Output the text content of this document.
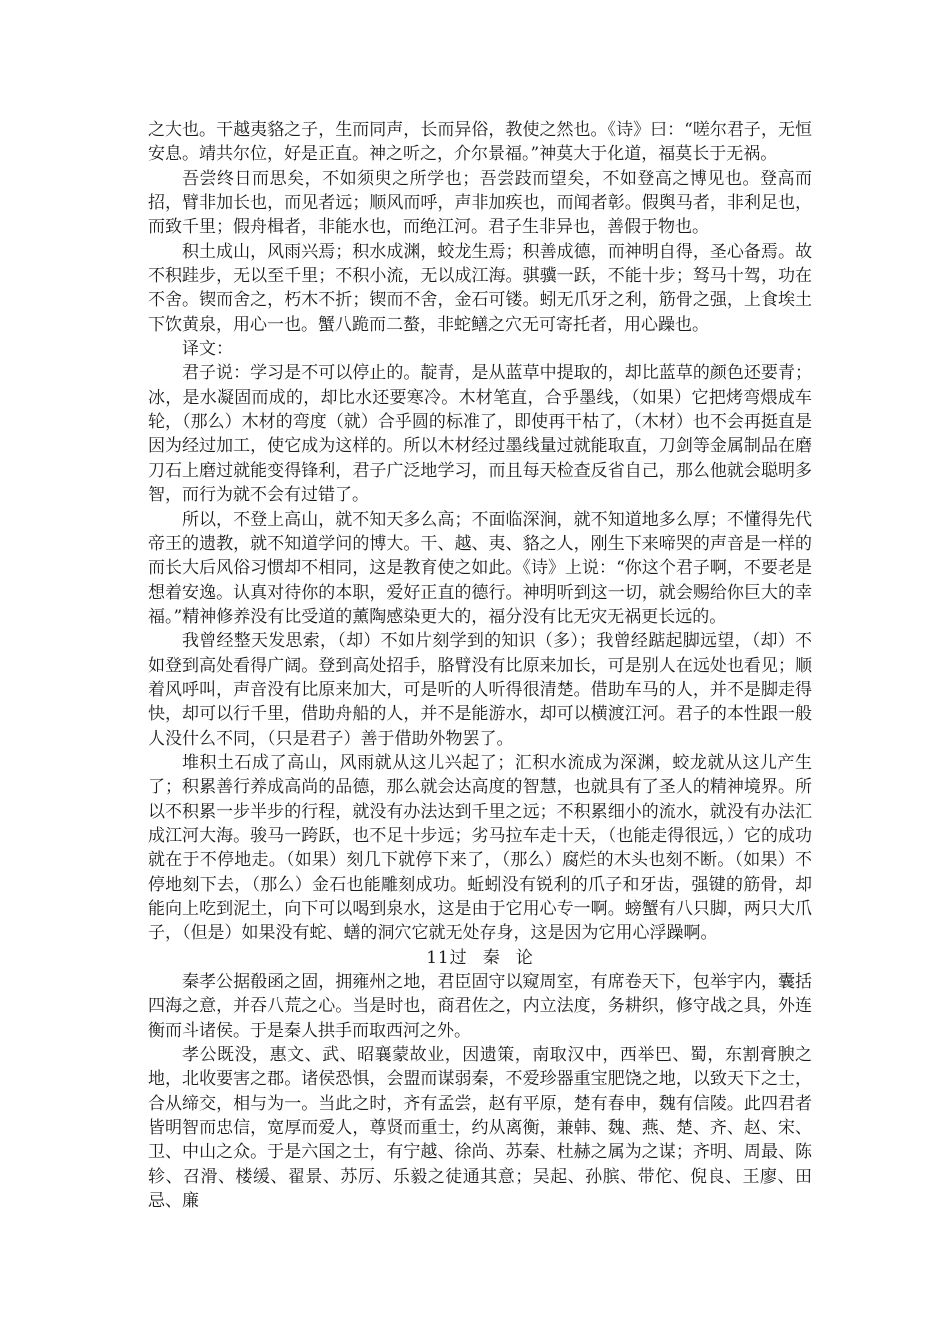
之大也。干越夷貉之子，生而同声，长而异俗，教使之然也。《诗》曰：“嗟尔君子，无恒安息。靖共尔位，好是正直。神之听之，介尔景福。”神莫大于化道，福莫长于无祸。

吾尝终日而思矣，不如须臾之所学也；吾尝跂而望矣，不如登高之博见也。登高而招，臂非加长也，而见者远；顺风而呼，声非加疾也，而闻者彰。假舆马者，非利足也，而致千里；假舟楫者，非能水也，而绝江河。君子生非异也，善假于物也。

积土成山，风雨兴焉；积水成渊，蛟龙生焉；积善成德，而神明自得，圣心备焉。故不积跬步，无以至千里；不积小流，无以成江海。骐骥一跃，不能十步；驽马十驾，功在不舍。锲而舍之，朽木不折；锲而不舍，金石可镂。蚓无爪牙之利，筋骨之强，上食埃土下饮黄泉，用心一也。蟹八跪而二螯，非蛇鳝之穴无可寄托者，用心躁也。

译文：

君子说：学习是不可以停止的。靛青，是从蓝草中提取的，却比蓝草的颜色还要青；冰，是水凝固而成的，却比水还要寒冷。木材笔直，合乎墨线，（如果）它把烤弯煨成车轮，（那么）木材的弯度（就）合乎圆的标准了，即使再干枯了，（木材）也不会再挺直是因为经过加工，使它成为这样的。所以木材经过墨线量过就能取直，刀剑等金属制品在磨刀石上磨过就能变得锋利，君子广泛地学习，而且每天检查反省自己，那么他就会聪明多智，而行为就不会有过错了。

所以，不登上高山，就不知天多么高；不面临深涧，就不知道地多么厚；不懂得先代帝王的遗教，就不知道学问的博大。干、越、夷、貉之人，刚生下来啼哭的声音是一样的而长大后风俗习惯却不相同，这是教育使之如此。《诗》上说：“你这个君子啊，不要老是想着安逸。认真对待你的本职，爱好正直的德行。神明听到这一切，就会赐给你巨大的幸福。”精神修养没有比受道的薰陶感染更大的，福分没有比无灾无祸更长远的。

我曾经整天发思索，（却）不如片刻学到的知识（多）；我曾经踮起脚远望，（却）不如登到高处看得广阔。登到高处招手，胳臂没有比原来加长，可是别人在远处也看见；顺着风呼叫，声音没有比原来加大，可是听的人听得很清楚。借助车马的人，并不是脚走得快，却可以行千里，借助舟船的人，并不是能游水，却可以横渡江河。君子的本性跟一般人没什么不同，（只是君子）善于借助外物罢了。

堆积土石成了高山，风雨就从这儿兴起了；汇积水流成为深渊，蛟龙就从这儿产生了；积累善行养成高尚的品德，那么就会达高度的智慧，也就具有了圣人的精神境界。所以不积累一步半步的行程，就没有办法达到千里之远；不积累细小的流水，就没有办法汇成江河大海。骏马一跨跃，也不足十步远；劣马拉车走十天，（也能走得很远，）它的成功就在于不停地走。（如果）刻几下就停下来了，（那么）腐烂的木头也刻不断。（如果）不停地刻下去，（那么）金石也能雕刻成功。蚯蚓没有锐利的爪子和牙齿，强键的筋骨，却能向上吃到泥土，向下可以喝到泉水，这是由于它用心专一啊。螃蟹有八只脚，两只大爪子，（但是）如果没有蛇、蟮的洞穴它就无处存身，这是因为它用心浮躁啊。

11过 秦 论

秦孝公据殽函之固，拥雍州之地，君臣固守以窥周室，有席卷天下，包举宇内，囊括四海之意，并吞八荒之心。当是时也，商君佐之，内立法度，务耕织，修守战之具，外连衡而斗诸侯。于是秦人拱手而取西河之外。

孝公既没，惠文、武、昭襄蒙故业，因遗策，南取汉中，西举巴、蜀，东割膏腴之地，北收要害之郡。诸侯恐惧，会盟而谋弱秦，不爱珍器重宝肥饶之地，以致天下之士，合从缔交，相与为一。当此之时，齐有孟尝，赵有平原，楚有春申，魏有信陵。此四君者皆明智而忠信，宽厚而爱人，尊贤而重士，约从离衡，兼韩、魏、燕、楚、齐、赵、宋、卫、中山之众。于是六国之士，有宁越、徐尚、苏秦、杜赫之属为之谋；齐明、周最、陈轸、召滑、楼缓、翟景、苏厉、乐毅之徒通其意；吴起、孙膑、带佗、倪良、王廖、田忌、廉
